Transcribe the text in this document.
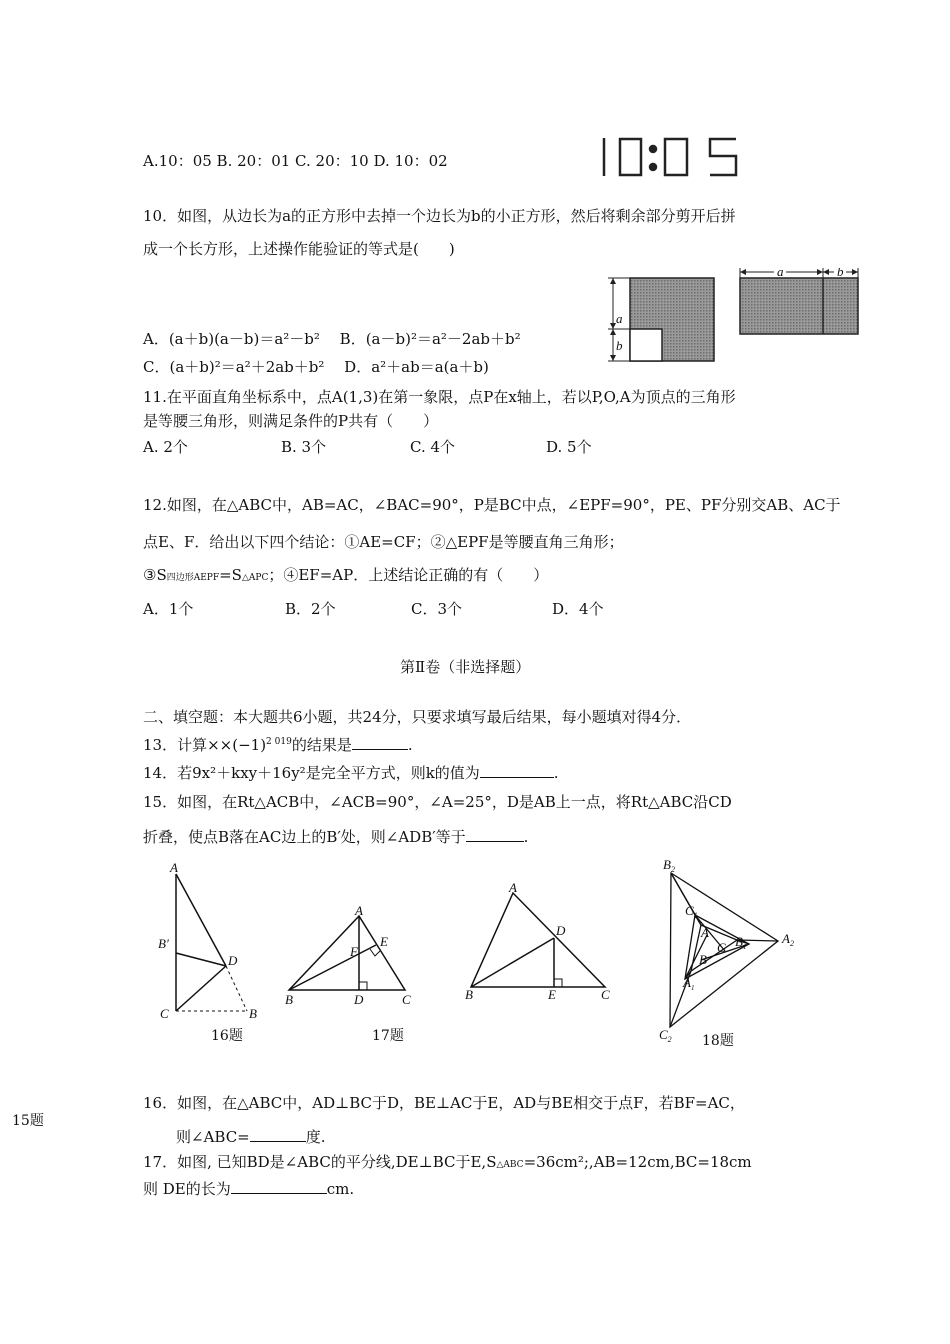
A.10：05 B. 20：01 C. 20：10 D. 10：02
10:05
10．如图，从边长为a的正方形中去掉一个边长为b的小正方形，然后将剩余部分剪开后拼
成一个长方形，上述操作能验证的等式是(　　)
a
b
a	b
A．(a＋b)(a－b)＝a²－b²　 B．(a－b)²＝a²－2ab＋b²
C．(a＋b)²＝a²＋2ab＋b²　 D．a²＋ab＝a(a＋b)
11.在平面直角坐标系中，点A(1,3)在第一象限，点P在x轴上，若以P,O,A为顶点的三角形
是等腰三角形，则满足条件的P共有（　　）
A. 2个	B. 3个	C. 4个	D. 5个
12.如图，在△ABC中，AB=AC，∠BAC=90°，P是BC中点，∠EPF=90°，PE、PF分别交AB、AC于
点E、F．给出以下四个结论：①AE=CF；②△EPF是等腰直角三角形；
③S四边形AEPF=S△APC；④EF=AP．上述结论正确的有（　　）
A．1个	B．2个	C．3个	D．4个
第Ⅱ卷（非选择题）
二、填空题：本大题共6小题，共24分，只要求填写最后结果，每小题填对得4分．
13．计算$\times\times(-1)^{2 019}$的结果是	.
14．若9x²＋kxy＋16y²是完全平方式，则k的值为	.
15．如图，在Rt△ACB中，∠ACB=90°，∠A=25°，D是AB上一点，将Rt△ABC沿CD
折叠，使点B落在AC边上的B′处，则∠ADB′等于	.
A
B′
D
C	B
A
F
E
B	D	C
A
D
B	E	C
$B_2$
$C_1$
A
C $B_1$
B
$A_1$
$A_2$
$C_2$
16题	17题	18题
16．如图，在△ABC中，AD⊥BC于D，BE⊥AC于E，AD与BE相交于点F，若BF=AC，
15题
则∠ABC=	度.
17．如图, 已知BD是∠ABC的平分线,DE⊥BC于E,S△ABC=36cm²;,AB=12cm,BC=18cm
则 DE的长为	cm.
